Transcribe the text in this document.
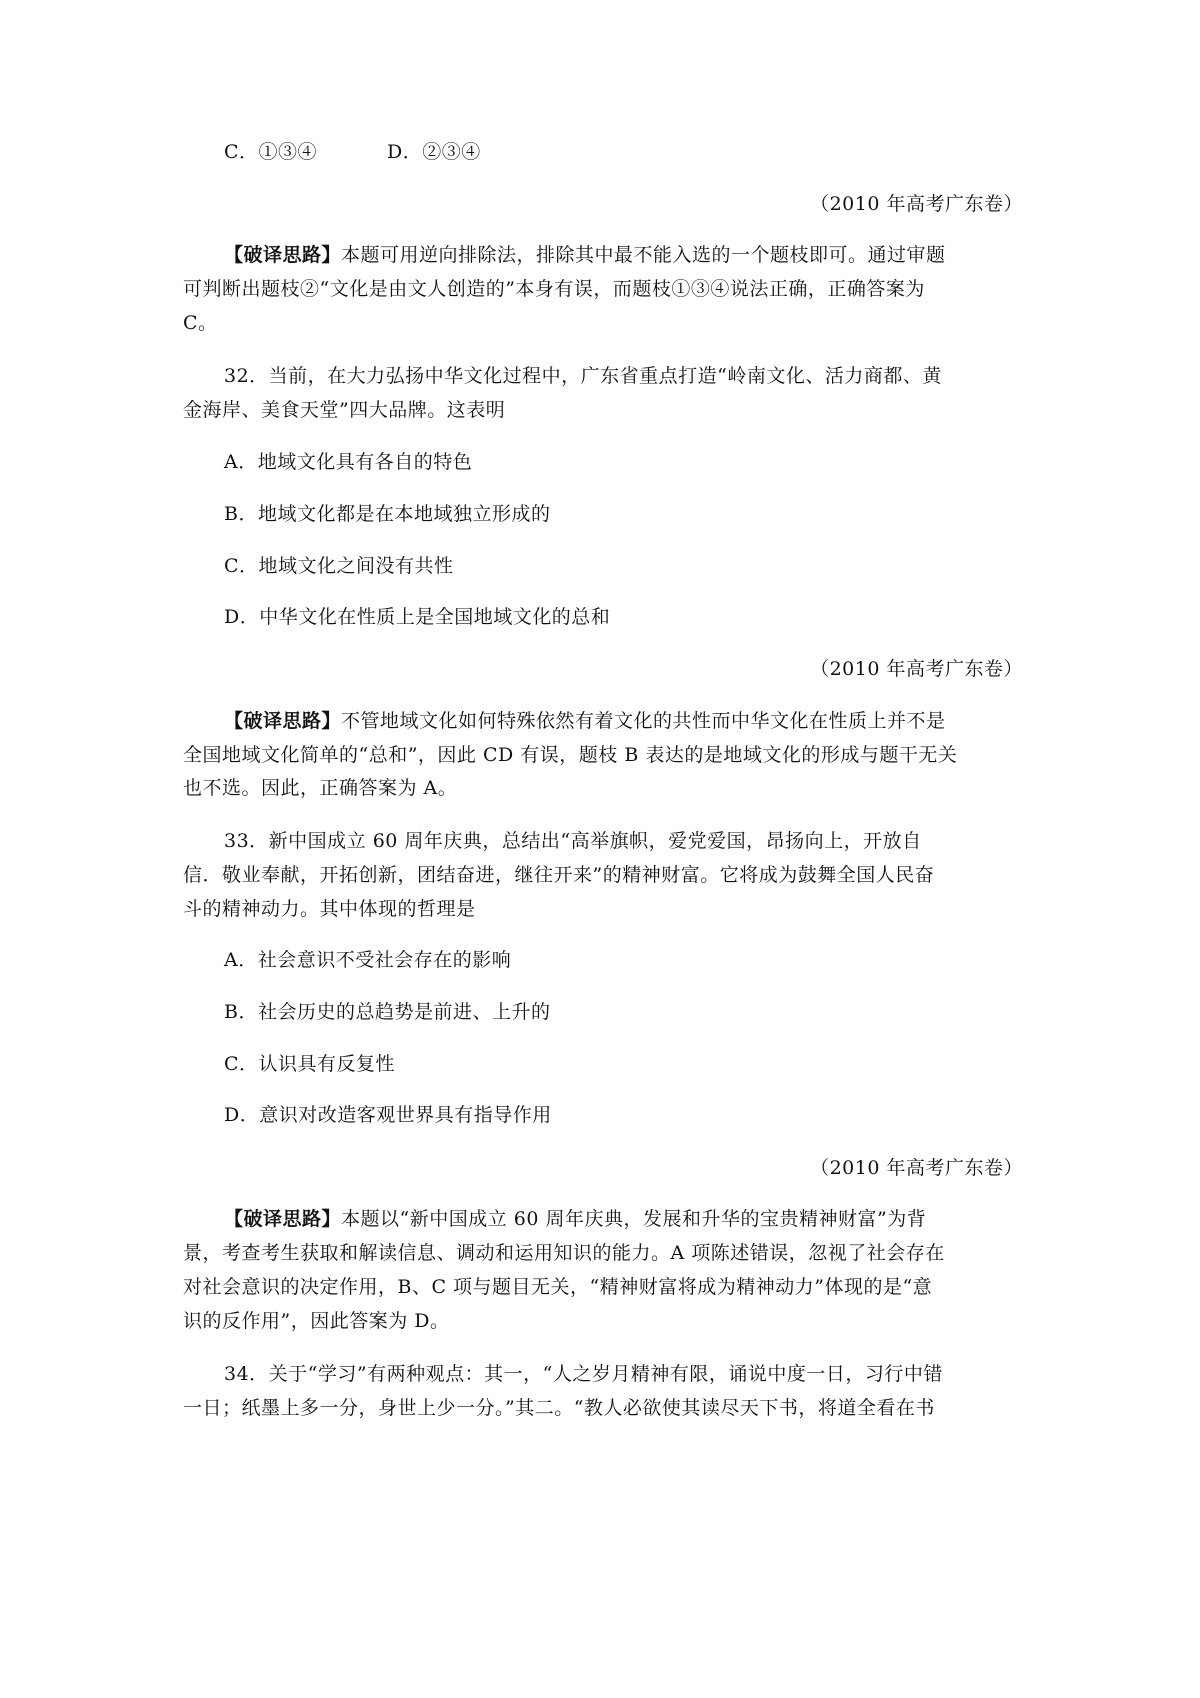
C．①③④	D．②③④
（2010 年高考广东卷）
【破译思路】本题可用逆向排除法，排除其中最不能入选的一个题枝即可。通过审题
可判断出题枝②“文化是由文人创造的”本身有误，而题枝①③④说法正确，正确答案为
C。
32．当前，在大力弘扬中华文化过程中，广东省重点打造“岭南文化、活力商都、黄
金海岸、美食天堂”四大品牌。这表明
A．地域文化具有各自的特色
B．地域文化都是在本地域独立形成的
C．地域文化之间没有共性
D．中华文化在性质上是全国地域文化的总和
（2010 年高考广东卷）
【破译思路】不管地域文化如何特殊依然有着文化的共性而中华文化在性质上并不是
全国地域文化简单的“总和”，因此 CD 有误，题枝 B 表达的是地域文化的形成与题干无关
也不选。因此，正确答案为 A。
33．新中国成立 60 周年庆典，总结出“高举旗帜，爱党爱国，昂扬向上，开放自
信．敬业奉献，开拓创新，团结奋进，继往开来”的精神财富。它将成为鼓舞全国人民奋
斗的精神动力。其中体现的哲理是
A．社会意识不受社会存在的影响
B．社会历史的总趋势是前进、上升的
C．认识具有反复性
D．意识对改造客观世界具有指导作用
（2010 年高考广东卷）
【破译思路】本题以“新中国成立 60 周年庆典，发展和升华的宝贵精神财富”为背
景，考查考生获取和解读信息、调动和运用知识的能力。A 项陈述错误，忽视了社会存在
对社会意识的决定作用，B、C 项与题目无关，“精神财富将成为精神动力”体现的是“意
识的反作用”，因此答案为 D。
34．关于“学习”有两种观点：其一，“人之岁月精神有限，诵说中度一日，习行中错
一日；纸墨上多一分，身世上少一分。”其二。“教人必欲使其读尽天下书，将道全看在书
